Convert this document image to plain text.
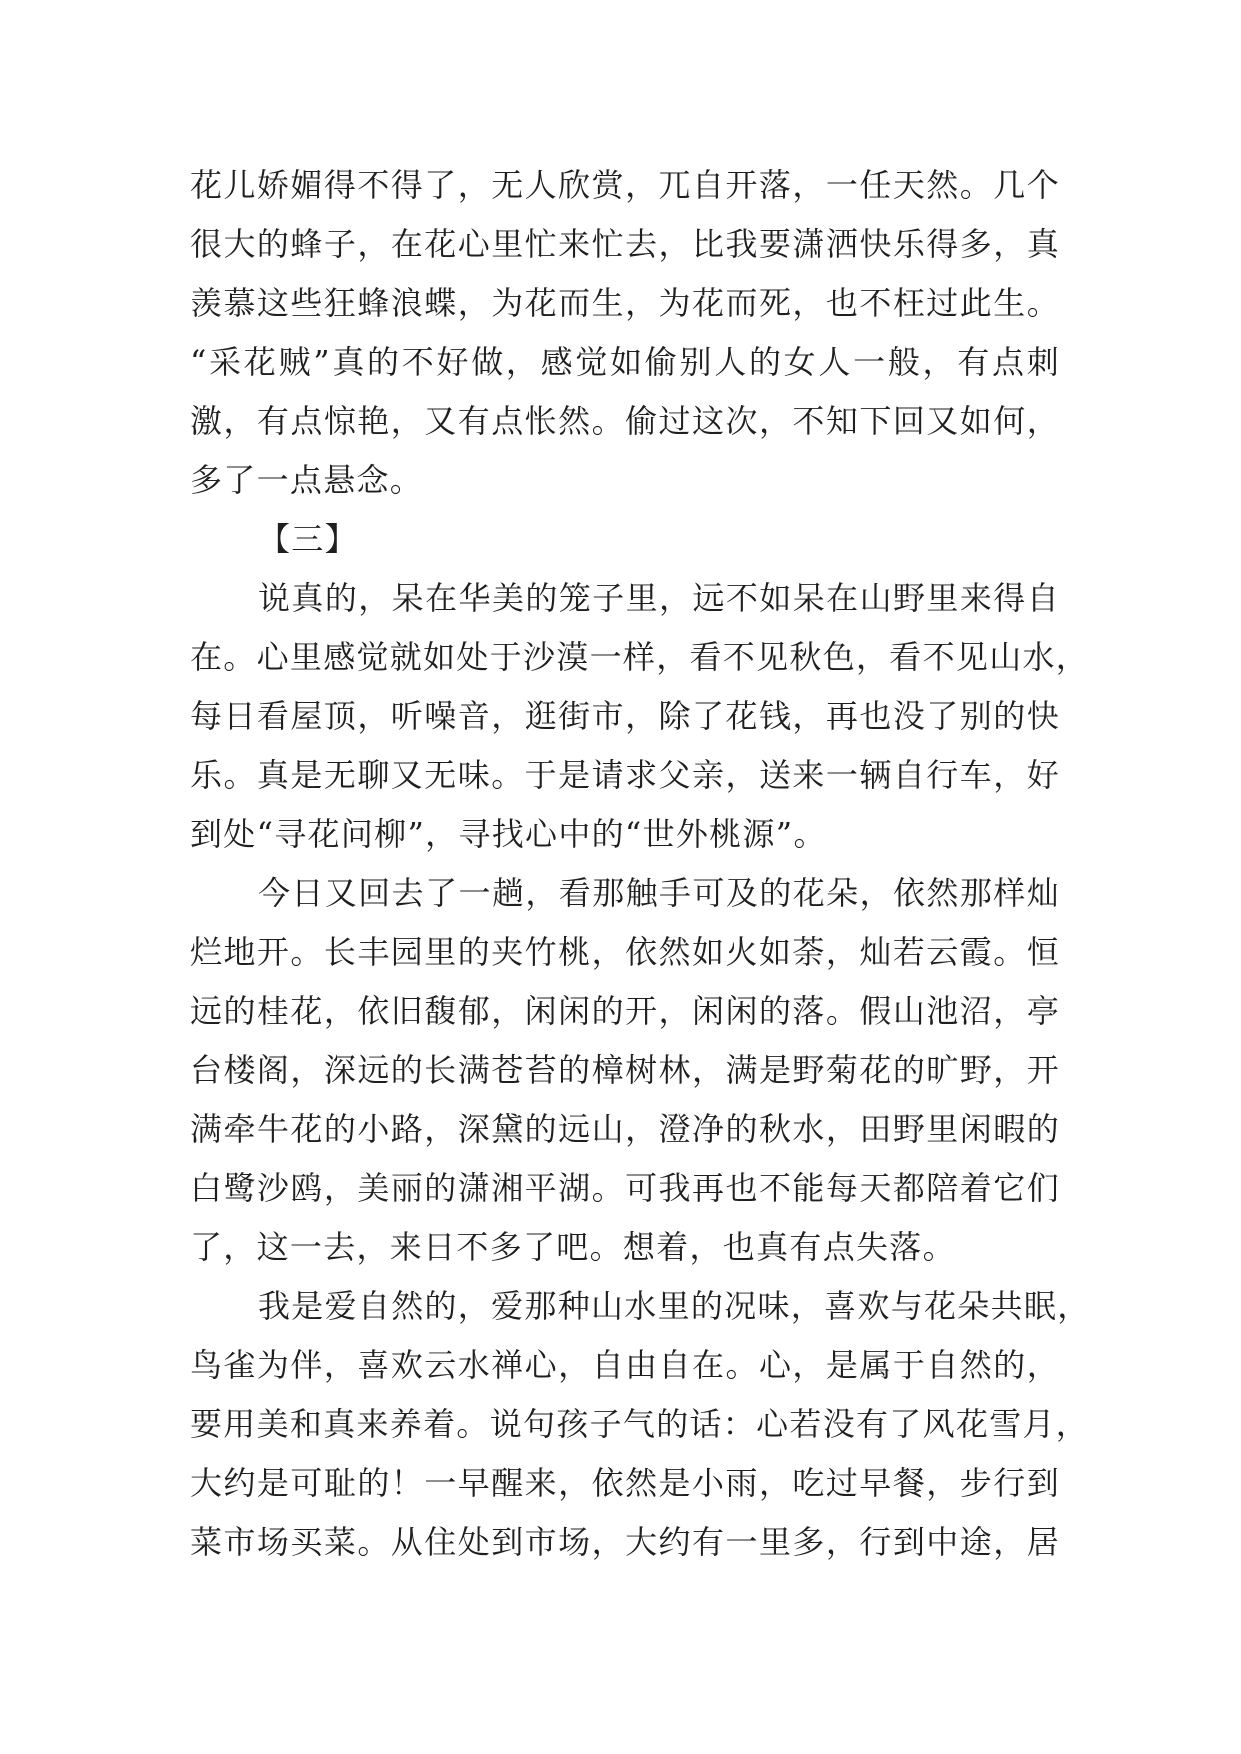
花儿娇媚得不得了，无人欣赏，兀自开落，一任天然。几个
很大的蜂子，在花心里忙来忙去，比我要潇洒快乐得多，真
羡慕这些狂蜂浪蝶，为花而生，为花而死，也不枉过此生。
“采花贼”真的不好做，感觉如偷别人的女人一般，有点刺
激，有点惊艳，又有点怅然。偷过这次，不知下回又如何，
多了一点悬念。
【三】
说真的，呆在华美的笼子里，远不如呆在山野里来得自
在。心里感觉就如处于沙漠一样，看不见秋色，看不见山水，
每日看屋顶，听噪音，逛街市，除了花钱，再也没了别的快
乐。真是无聊又无味。于是请求父亲，送来一辆自行车，好
到处“寻花问柳”，寻找心中的“世外桃源”。
今日又回去了一趟，看那触手可及的花朵，依然那样灿
烂地开。长丰园里的夹竹桃，依然如火如荼，灿若云霞。恒
远的桂花，依旧馥郁，闲闲的开，闲闲的落。假山池沼，亭
台楼阁，深远的长满苍苔的樟树林，满是野菊花的旷野，开
满牵牛花的小路，深黛的远山，澄净的秋水，田野里闲暇的
白鹭沙鸥，美丽的潇湘平湖。可我再也不能每天都陪着它们
了，这一去，来日不多了吧。想着，也真有点失落。
我是爱自然的，爱那种山水里的况味，喜欢与花朵共眠，
鸟雀为伴，喜欢云水禅心，自由自在。心，是属于自然的，
要用美和真来养着。说句孩子气的话：心若没有了风花雪月，
大约是可耻的！一早醒来，依然是小雨，吃过早餐，步行到
菜市场买菜。从住处到市场，大约有一里多，行到中途，居
